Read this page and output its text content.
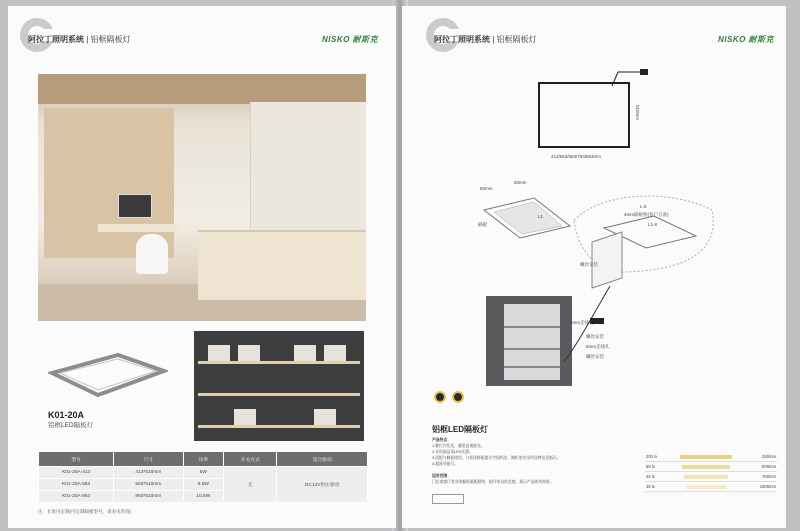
阿拉丁照明系统 | 铝框隔板灯	NISKO 耐斯克
K01-20A
铝框LED隔板灯
型号	尺寸	功率	开关方式	适合驱动
K01-20A-413	413*510mm	5W	无	DC12V恒压驱动
K01-20A-563	563*510mm	6.8W		
K01-20A-863	863*510mm	10.5W		
注：长度可定制(可定制隔板型号，请来电咨询)
阿拉丁照明系统 | 铝框隔板灯	NISKO 耐斯克
413/563/663/763/863mm
510mm
50mm
50mm
L1
隔板
L-8
4mm隔板柜(客户自备)
L1-8
螺丝安装
8mm走线孔
螺丝安装
5mm走线孔
螺丝安装
铝框LED隔板灯
产品特点：
1.整灯内发光，避免直视眩光。
2.采用高品质LED光源。
3.适配与搁板使用，与柜体搭配提升空间档次，搁柜室内采用各种信息指示。
4.超薄节能灯。
适用范围：
门店或客厅等各类橱柜隔板照明，提升家具的美感，展示产品陈列效果。
200 lx		250mm
88 lx		500mm
45 lx		750mm
35 lx		1000mm
